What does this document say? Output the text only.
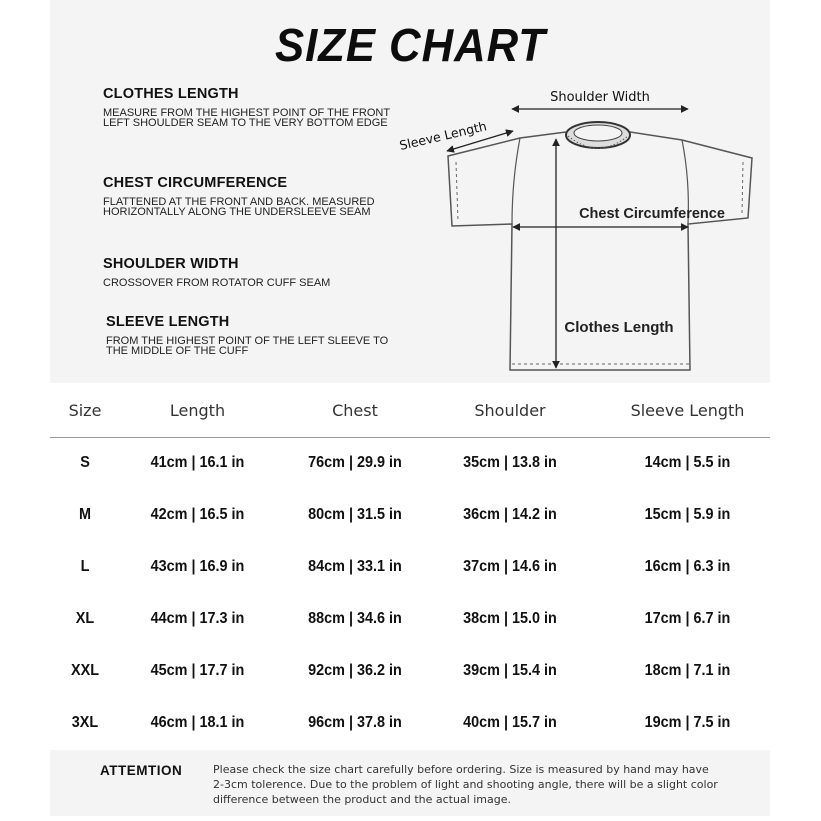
SIZE CHART
CLOTHES LENGTH
MEASURE FROM THE HIGHEST POINT OF THE FRONT LEFT SHOULDER SEAM TO THE VERY BOTTOM EDGE
CHEST CIRCUMFERENCE
FLATTENED AT THE FRONT AND BACK. MEASURED HORIZONTALLY ALONG THE UNDERSLEEVE SEAM
SHOULDER WIDTH
CROSSOVER FROM ROTATOR CUFF SEAM
SLEEVE LENGTH
FROM THE HIGHEST POINT OF THE LEFT SLEEVE TO THE MIDDLE OF THE CUFF
Shoulder Width
Sleeve Length
Chest Circumference
Clothes Length
Size	Length	Chest	Shoulder	Sleeve Length
S	41cm | 16.1 in	76cm | 29.9 in	35cm | 13.8 in	14cm | 5.5 in
M	42cm | 16.5 in	80cm | 31.5 in	36cm | 14.2 in	15cm | 5.9 in
L	43cm | 16.9 in	84cm | 33.1 in	37cm | 14.6 in	16cm | 6.3 in
XL	44cm | 17.3 in	88cm | 34.6 in	38cm | 15.0 in	17cm | 6.7 in
XXL	45cm | 17.7 in	92cm | 36.2 in	39cm | 15.4 in	18cm | 7.1 in
3XL	46cm | 18.1 in	96cm | 37.8 in	40cm | 15.7 in	19cm | 7.5 in
ATTEMTION	Please check the size chart carefully before ordering. Size is measured by hand may have 2-3cm tolerence. Due to the problem of light and shooting angle, there will be a slight color difference between the product and the actual image.
